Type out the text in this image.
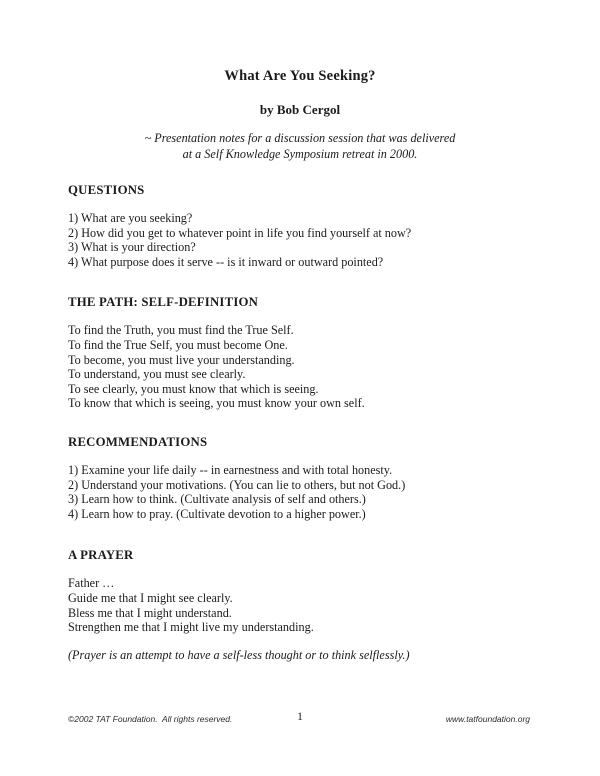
What Are You Seeking?
by Bob Cergol
~ Presentation notes for a discussion session that was delivered
at a Self Knowledge Symposium retreat in 2000.
QUESTIONS

1) What are you seeking?

2) How did you get to whatever point in life you find yourself at now?

3) What is your direction?

4) What purpose does it serve -- is it inward or outward pointed?

THE PATH: SELF-DEFINITION

To find the Truth, you must find the True Self.

To find the True Self, you must become One.

To become, you must live your understanding.

To understand, you must see clearly.

To see clearly, you must know that which is seeing.

To know that which is seeing, you must know your own self.

RECOMMENDATIONS

1) Examine your life daily -- in earnestness and with total honesty.

2) Understand your motivations. (You can lie to others, but not God.)

3) Learn how to think. (Cultivate analysis of self and others.)

4) Learn how to pray. (Cultivate devotion to a higher power.)

A PRAYER

Father …

Guide me that I might see clearly.

Bless me that I might understand.

Strengthen me that I might live my understanding.

(Prayer is an attempt to have a self-less thought or to think selflessly.)

©2002 TAT Foundation.  All rights reserved.	1	www.tatfoundation.org
